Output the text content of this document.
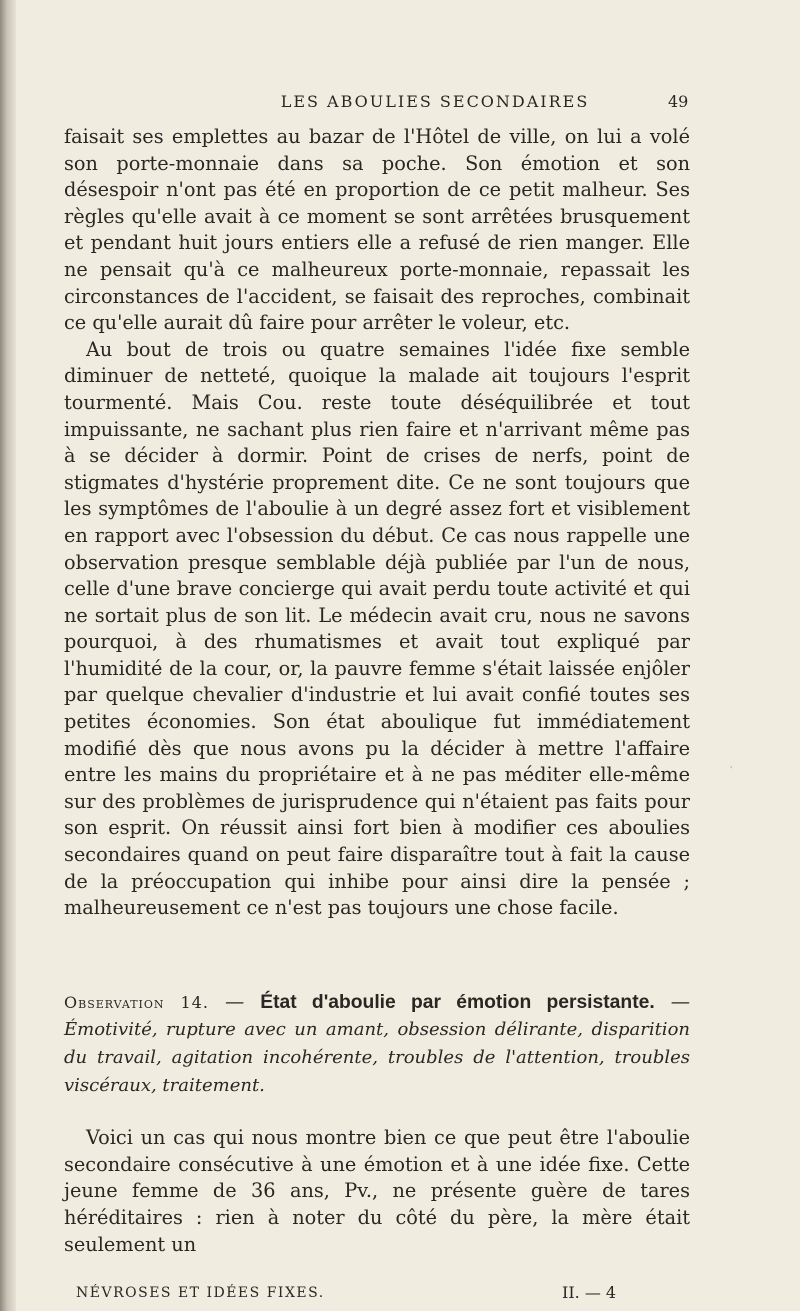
LES ABOULIES SECONDAIRES	49

faisait ses emplettes au bazar de l'Hôtel de ville, on lui a volé son porte-monnaie dans sa poche. Son émotion et son désespoir n'ont pas été en proportion de ce petit malheur. Ses règles qu'elle avait à ce moment se sont arrêtées brusquement et pendant huit jours entiers elle a refusé de rien manger. Elle ne pensait qu'à ce malheureux porte-monnaie, repassait les circonstances de l'accident, se faisait des reproches, combinait ce qu'elle aurait dû faire pour arrêter le voleur, etc.

Au bout de trois ou quatre semaines l'idée fixe semble diminuer de netteté, quoique la malade ait toujours l'esprit tourmenté. Mais Cou. reste toute déséquilibrée et tout impuissante, ne sachant plus rien faire et n'arrivant même pas à se décider à dormir. Point de crises de nerfs, point de stigmates d'hystérie proprement dite. Ce ne sont toujours que les symptômes de l'aboulie à un degré assez fort et visiblement en rapport avec l'obsession du début. Ce cas nous rappelle une observation presque semblable déjà publiée par l'un de nous, celle d'une brave concierge qui avait perdu toute activité et qui ne sortait plus de son lit. Le médecin avait cru, nous ne savons pourquoi, à des rhumatismes et avait tout expliqué par l'humidité de la cour, or, la pauvre femme s'était laissée enjôler par quelque chevalier d'industrie et lui avait confié toutes ses petites économies. Son état aboulique fut immédiatement modifié dès que nous avons pu la décider à mettre l'affaire entre les mains du propriétaire et à ne pas méditer elle-même sur des problèmes de jurisprudence qui n'étaient pas faits pour son esprit. On réussit ainsi fort bien à modifier ces aboulies secondaires quand on peut faire disparaître tout à fait la cause de la préoccupation qui inhibe pour ainsi dire la pensée ; malheureusement ce n'est pas toujours une chose facile.

Observation 14. — État d'aboulie par émotion persistante. — Émotivité, rupture avec un amant, obsession délirante, disparition du travail, agitation incohérente, troubles de l'attention, troubles viscéraux, traitement.

Voici un cas qui nous montre bien ce que peut être l'aboulie secondaire consécutive à une émotion et à une idée fixe. Cette jeune femme de 36 ans, Pv., ne présente guère de tares héréditaires : rien à noter du côté du père, la mère était seulement un

‵
NÉVROSES ET IDÉES FIXES.	II. — 4
